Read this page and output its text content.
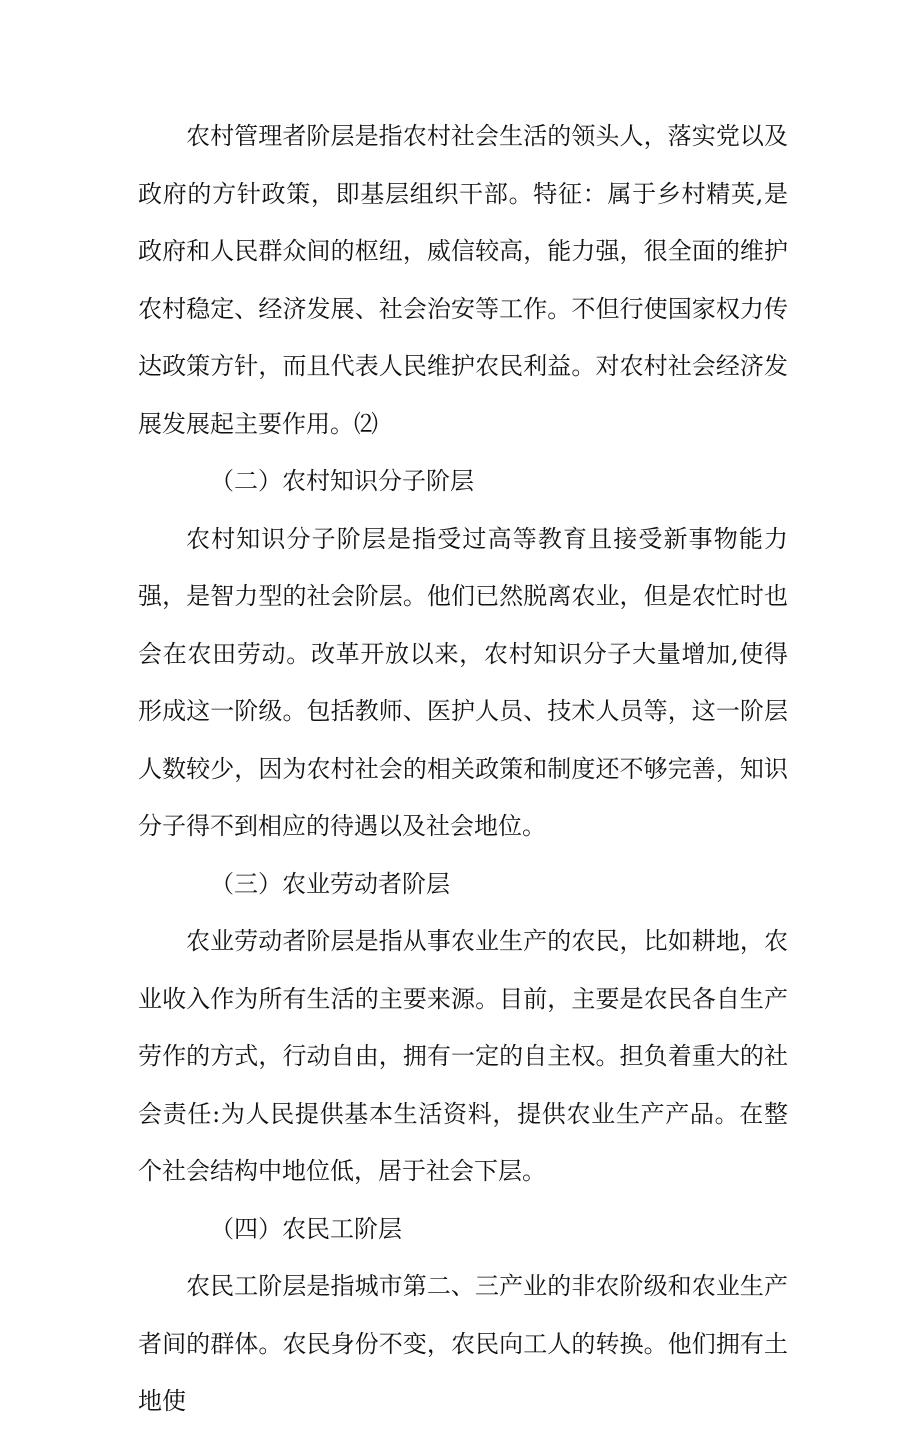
农村管理者阶层是指农村社会生活的领头人，落实党以及政府的方针政策，即基层组织干部。特征：属于乡村精英,是政府和人民群众间的枢纽，威信较高，能力强，很全面的维护农村稳定、经济发展、社会治安等工作。不但行使国家权力传达政策方针，而且代表人民维护农民利益。对农村社会经济发展发展起主要作用。⑵

（二）农村知识分子阶层

农村知识分子阶层是指受过高等教育且接受新事物能力强，是智力型的社会阶层。他们已然脱离农业，但是农忙时也会在农田劳动。改革开放以来，农村知识分子大量增加,使得形成这一阶级。包括教师、医护人员、技术人员等，这一阶层人数较少，因为农村社会的相关政策和制度还不够完善，知识分子得不到相应的待遇以及社会地位。

（三）农业劳动者阶层

农业劳动者阶层是指从事农业生产的农民，比如耕地，农业收入作为所有生活的主要来源。目前，主要是农民各自生产劳作的方式，行动自由，拥有一定的自主权。担负着重大的社会责任:为人民提供基本生活资料，提供农业生产产品。在整个社会结构中地位低，居于社会下层。

（四）农民工阶层

农民工阶层是指城市第二、三产业的非农阶级和农业生产者间的群体。农民身份不变，农民向工人的转换。他们拥有土地使
